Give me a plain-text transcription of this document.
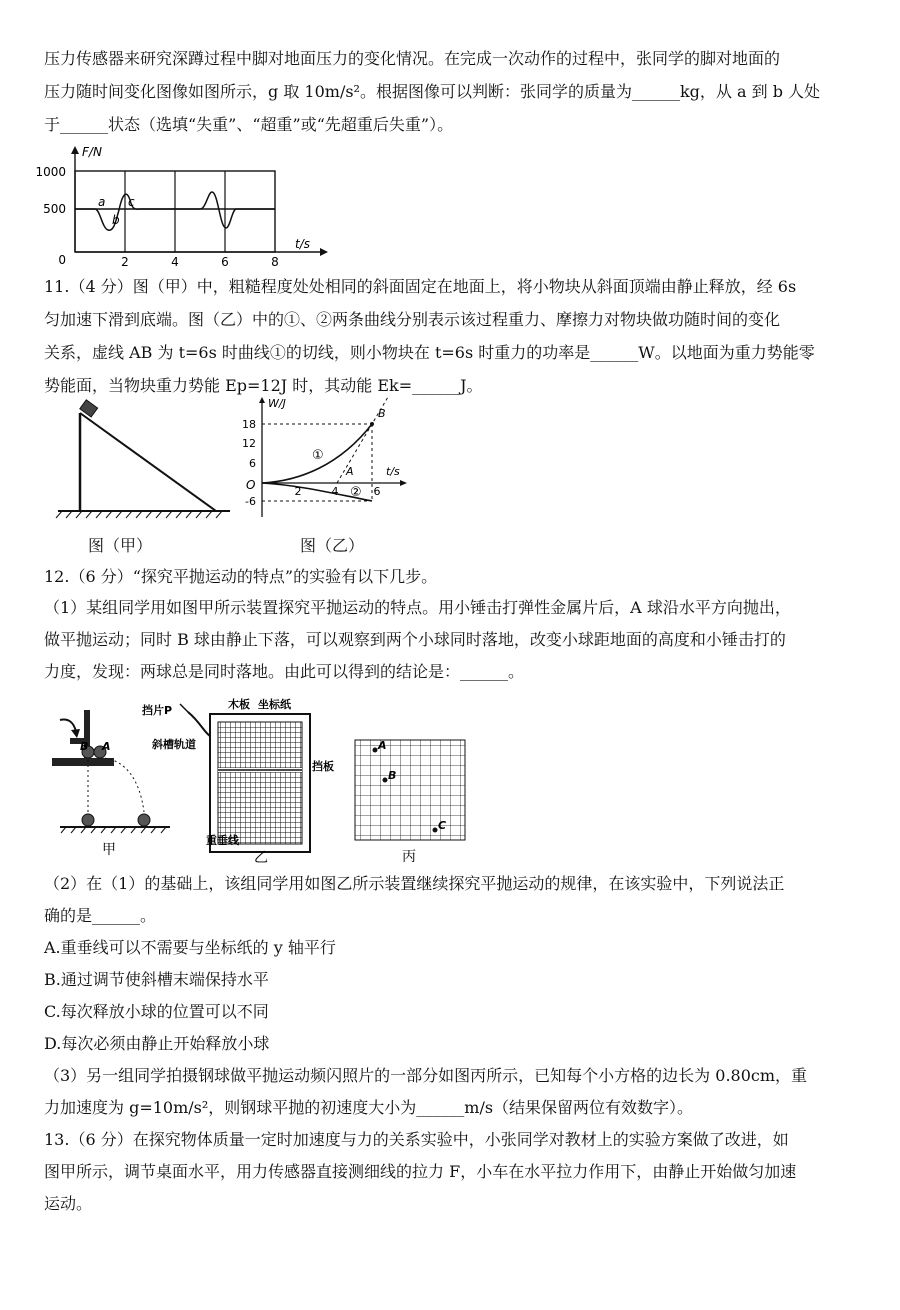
压力传感器来研究深蹲过程中脚对地面压力的变化情况。在完成一次动作的过程中，张同学的脚对地面的
压力随时间变化图像如图所示，g 取 10m/s²。根据图像可以判断：张同学的质量为______kg，从 a 到 b 人处
于______状态（选填“失重”、“超重”或“先超重后失重”）。
1000
500
0	2	4	6	8
F/N
t/s
a
b
c
11.（4 分）图（甲）中，粗糙程度处处相同的斜面固定在地面上，将小物块从斜面顶端由静止释放，经 6s
匀加速下滑到底端。图（乙）中的①、②两条曲线分别表示该过程重力、摩擦力对物块做功随时间的变化
关系，虚线 AB 为 t=6s 时曲线①的切线，则小物块在 t=6s 时重力的功率是______W。以地面为重力势能零
势能面，当物块重力势能 Ep=12J 时，其动能 Ek=______J。
图（甲）
18
12
6
-6
2	4	6
O
W/J
t/s
A
B
①
②
图（乙）
12.（6 分）“探究平抛运动的特点”的实验有以下几步。
（1）某组同学用如图甲所示装置探究平抛运动的特点。用小锤击打弹性金属片后，A 球沿水平方向抛出，
做平抛运动；同时 B 球由静止下落，可以观察到两个小球同时落地，改变小球距地面的高度和小锤击打的
力度，发现：两球总是同时落地。由此可以得到的结论是：______。
B A
甲
挡片P	木板 坐标纸
斜槽轨道
挡板
重垂线
乙
A
B
C
丙
（2）在（1）的基础上，该组同学用如图乙所示装置继续探究平抛运动的规律，在该实验中，下列说法正
确的是______。
A.重垂线可以不需要与坐标纸的 y 轴平行
B.通过调节使斜槽末端保持水平
C.每次释放小球的位置可以不同
D.每次必须由静止开始释放小球
（3）另一组同学拍摄钢球做平抛运动频闪照片的一部分如图丙所示，已知每个小方格的边长为 0.80cm，重
力加速度为 g=10m/s²，则钢球平抛的初速度大小为______m/s（结果保留两位有效数字）。
13.（6 分）在探究物体质量一定时加速度与力的关系实验中，小张同学对教材上的实验方案做了改进，如
图甲所示，调节桌面水平，用力传感器直接测细线的拉力 F，小车在水平拉力作用下，由静止开始做匀加速
运动。
